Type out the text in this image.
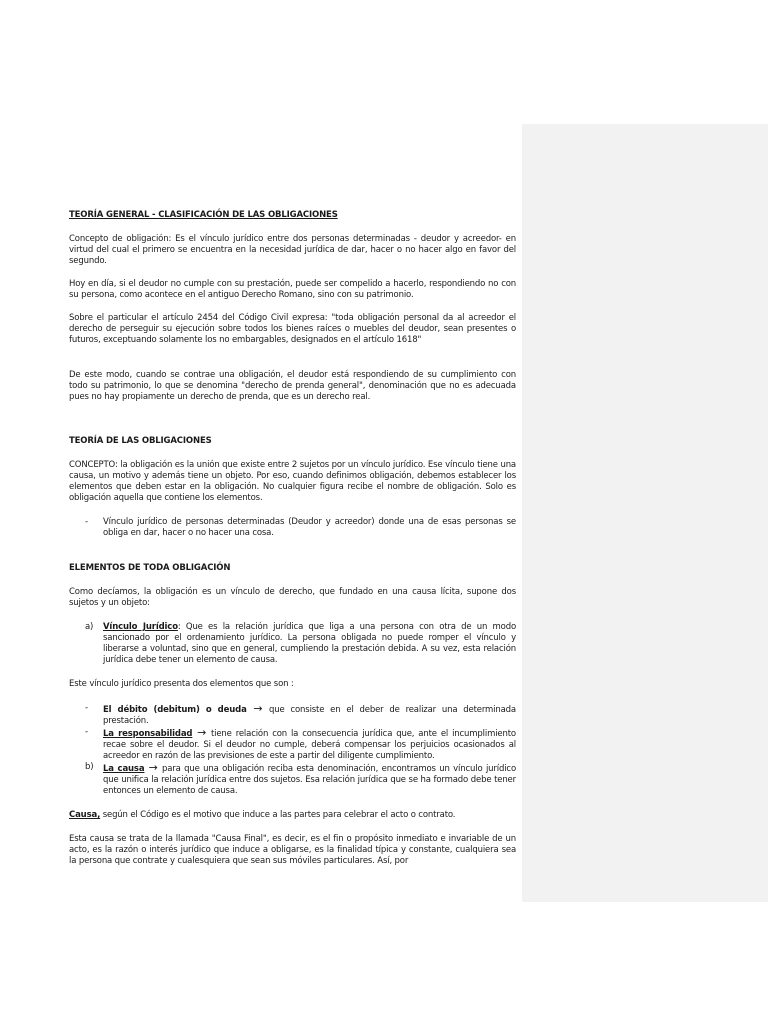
TEORÍA GENERAL - CLASIFICACIÓN DE LAS OBLIGACIONES

Concepto de obligación: Es el vínculo jurídico entre dos personas determinadas - deudor y acreedor- en virtud del cual el primero se encuentra en la necesidad jurídica de dar, hacer o no hacer algo en favor del segundo.

Hoy en día, si el deudor no cumple con su prestación, puede ser compelido a hacerlo, respondiendo no con su persona, como acontece en el antiguo Derecho Romano, sino con su patrimonio.

Sobre el particular el artículo 2454 del Código Civil expresa: "toda obligación personal da al acreedor el derecho de perseguir su ejecución sobre todos los bienes raíces o muebles del deudor, sean presentes o futuros, exceptuando solamente los no embargables, designados en el artículo 1618"

De este modo, cuando se contrae una obligación, el deudor está respondiendo de su cumplimiento con todo su patrimonio, lo que se denomina "derecho de prenda general", denominación que no es adecuada pues no hay propiamente un derecho de prenda, que es un derecho real.

TEORÍA DE LAS OBLIGACIONES

CONCEPTO: la obligación es la unión que existe entre 2 sujetos por un vínculo jurídico. Ese vínculo tiene una causa, un motivo y además tiene un objeto. Por eso, cuando definimos obligación, debemos establecer los elementos que deben estar en la obligación. No cualquier figura recibe el nombre de obligación. Solo es obligación aquella que contiene los elementos.

- Vínculo jurídico de personas determinadas (Deudor y acreedor) donde una de esas personas se obliga en dar, hacer o no hacer una cosa.

ELEMENTOS DE TODA OBLIGACIÓN

Como decíamos, la obligación es un vínculo de derecho, que fundado en una causa lícita, supone dos sujetos y un objeto:

a) Vínculo Jurídico: Que es la relación jurídica que liga a una persona con otra de un modo sancionado por el ordenamiento jurídico. La persona obligada no puede romper el vínculo y liberarse a voluntad, sino que en general, cumpliendo la prestación debida. A su vez, esta relación jurídica debe tener un elemento de causa.

Este vínculo jurídico presenta dos elementos que son :

- El débito (debitum) o deuda → que consiste en el deber de realizar una determinada prestación.
- La responsabilidad → tiene relación con la consecuencia jurídica que, ante el incumplimiento recae sobre el deudor. Si el deudor no cumple, deberá compensar los perjuicios ocasionados al acreedor en razón de las previsiones de este a partir del diligente cumplimiento.
b) La causa → para que una obligación reciba esta denominación, encontramos un vínculo jurídico que unifica la relación jurídica entre dos sujetos. Esa relación jurídica que se ha formado debe tener entonces un elemento de causa.

Causa, según el Código es el motivo que induce a las partes para celebrar el acto o contrato.

Esta causa se trata de la llamada "Causa Final", es decir, es el fin o propósito inmediato e invariable de un acto, es la razón o interés jurídico que induce a obligarse, es la finalidad típica y constante, cualquiera sea la persona que contrate y cualesquiera que sean sus móviles particulares. Así, por
